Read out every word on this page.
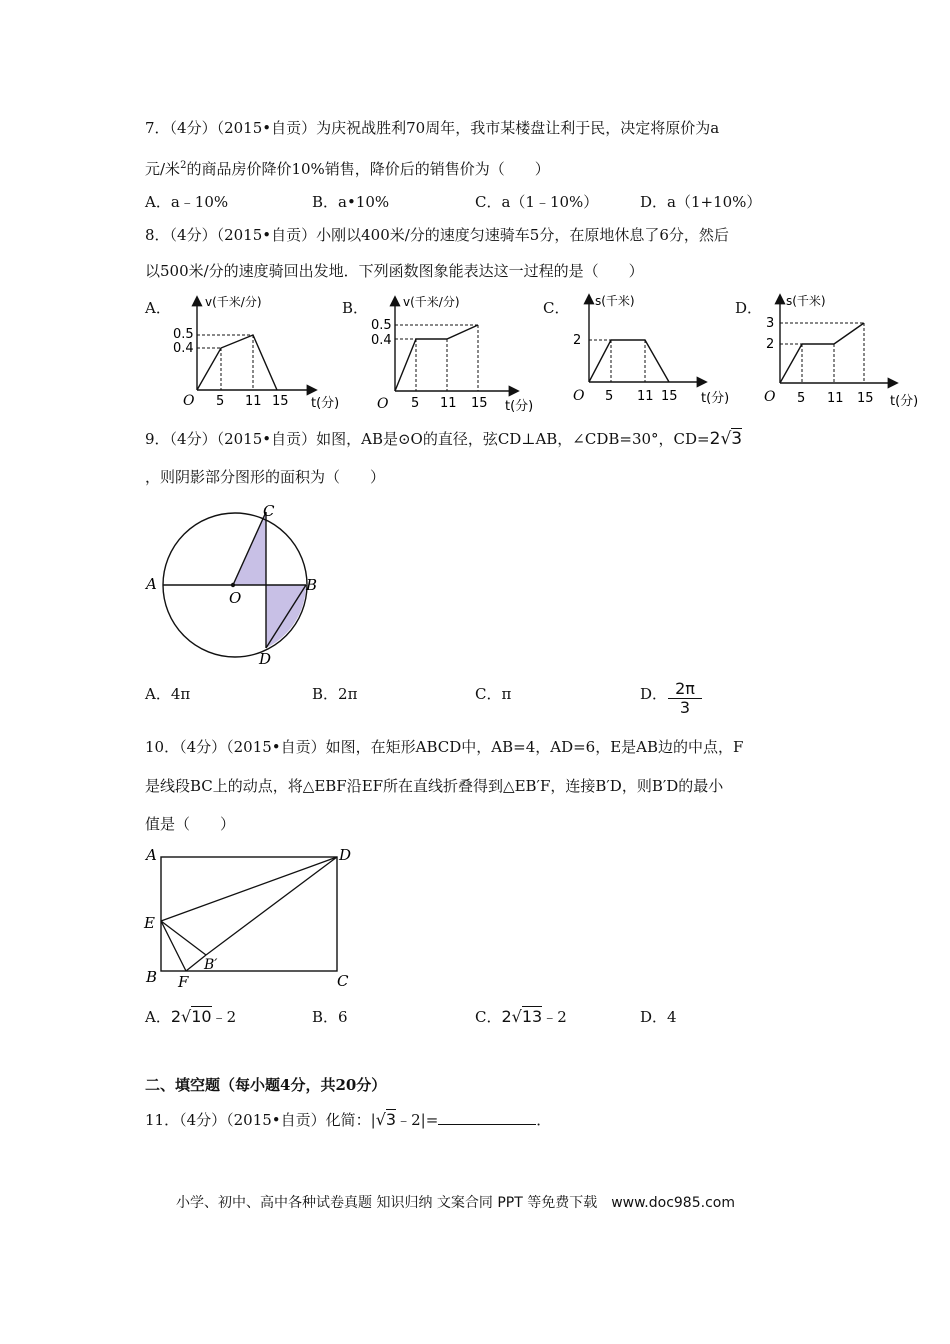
7．（4分）（2015•自贡）为庆祝战胜利70周年，我市某楼盘让利于民，决定将原价为a
元/米$^2$的商品房价降价10%销售，降价后的销售价为（　　）
A．a﹣10%	B．a•10%	C．a（1﹣10%）	D．a（1+10%）
8．（4分）（2015•自贡）小刚以400米/分的速度匀速骑车5分，在原地休息了6分，然后
以500米/分的速度骑回出发地．下列函数图象能表达这一过程的是（　　）
A．	B．	C．	D．
v(千米/分)
t(分)
O
0.5
0.4
5 11 15
v(千米/分)
t(分)
O
0.5
0.4
5 11 15
s(千米)
t(分)
O
2
5 11 15
s(千米)
t(分)
O
3
2
5 11 15
9．（4分）（2015•自贡）如图，AB是⊙O的直径，弦CD⊥AB，∠CDB=30°，CD=2√3
，则阴影部分图形的面积为（　　）
A	B
C
D
O
A．4π	B．2π	C．π	D． $\frac{2\pi}{3}$
10．（4分）（2015•自贡）如图，在矩形ABCD中，AB=4，AD=6，E是AB边的中点，F
是线段BC上的动点，将△EBF沿EF所在直线折叠得到△EB′F，连接B′D，则B′D的最小
值是（　　）
A	D
E
B	C
F
B′
A．2√10﹣2	B．6	C．2√13﹣2	D．4
二、填空题（每小题4分，共20分）
11．（4分）（2015•自贡）化简：|√3﹣2|=	．
小学、初中、高中各种试卷真题 知识归纳 文案合同 PPT 等免费下载　www.doc985.com
